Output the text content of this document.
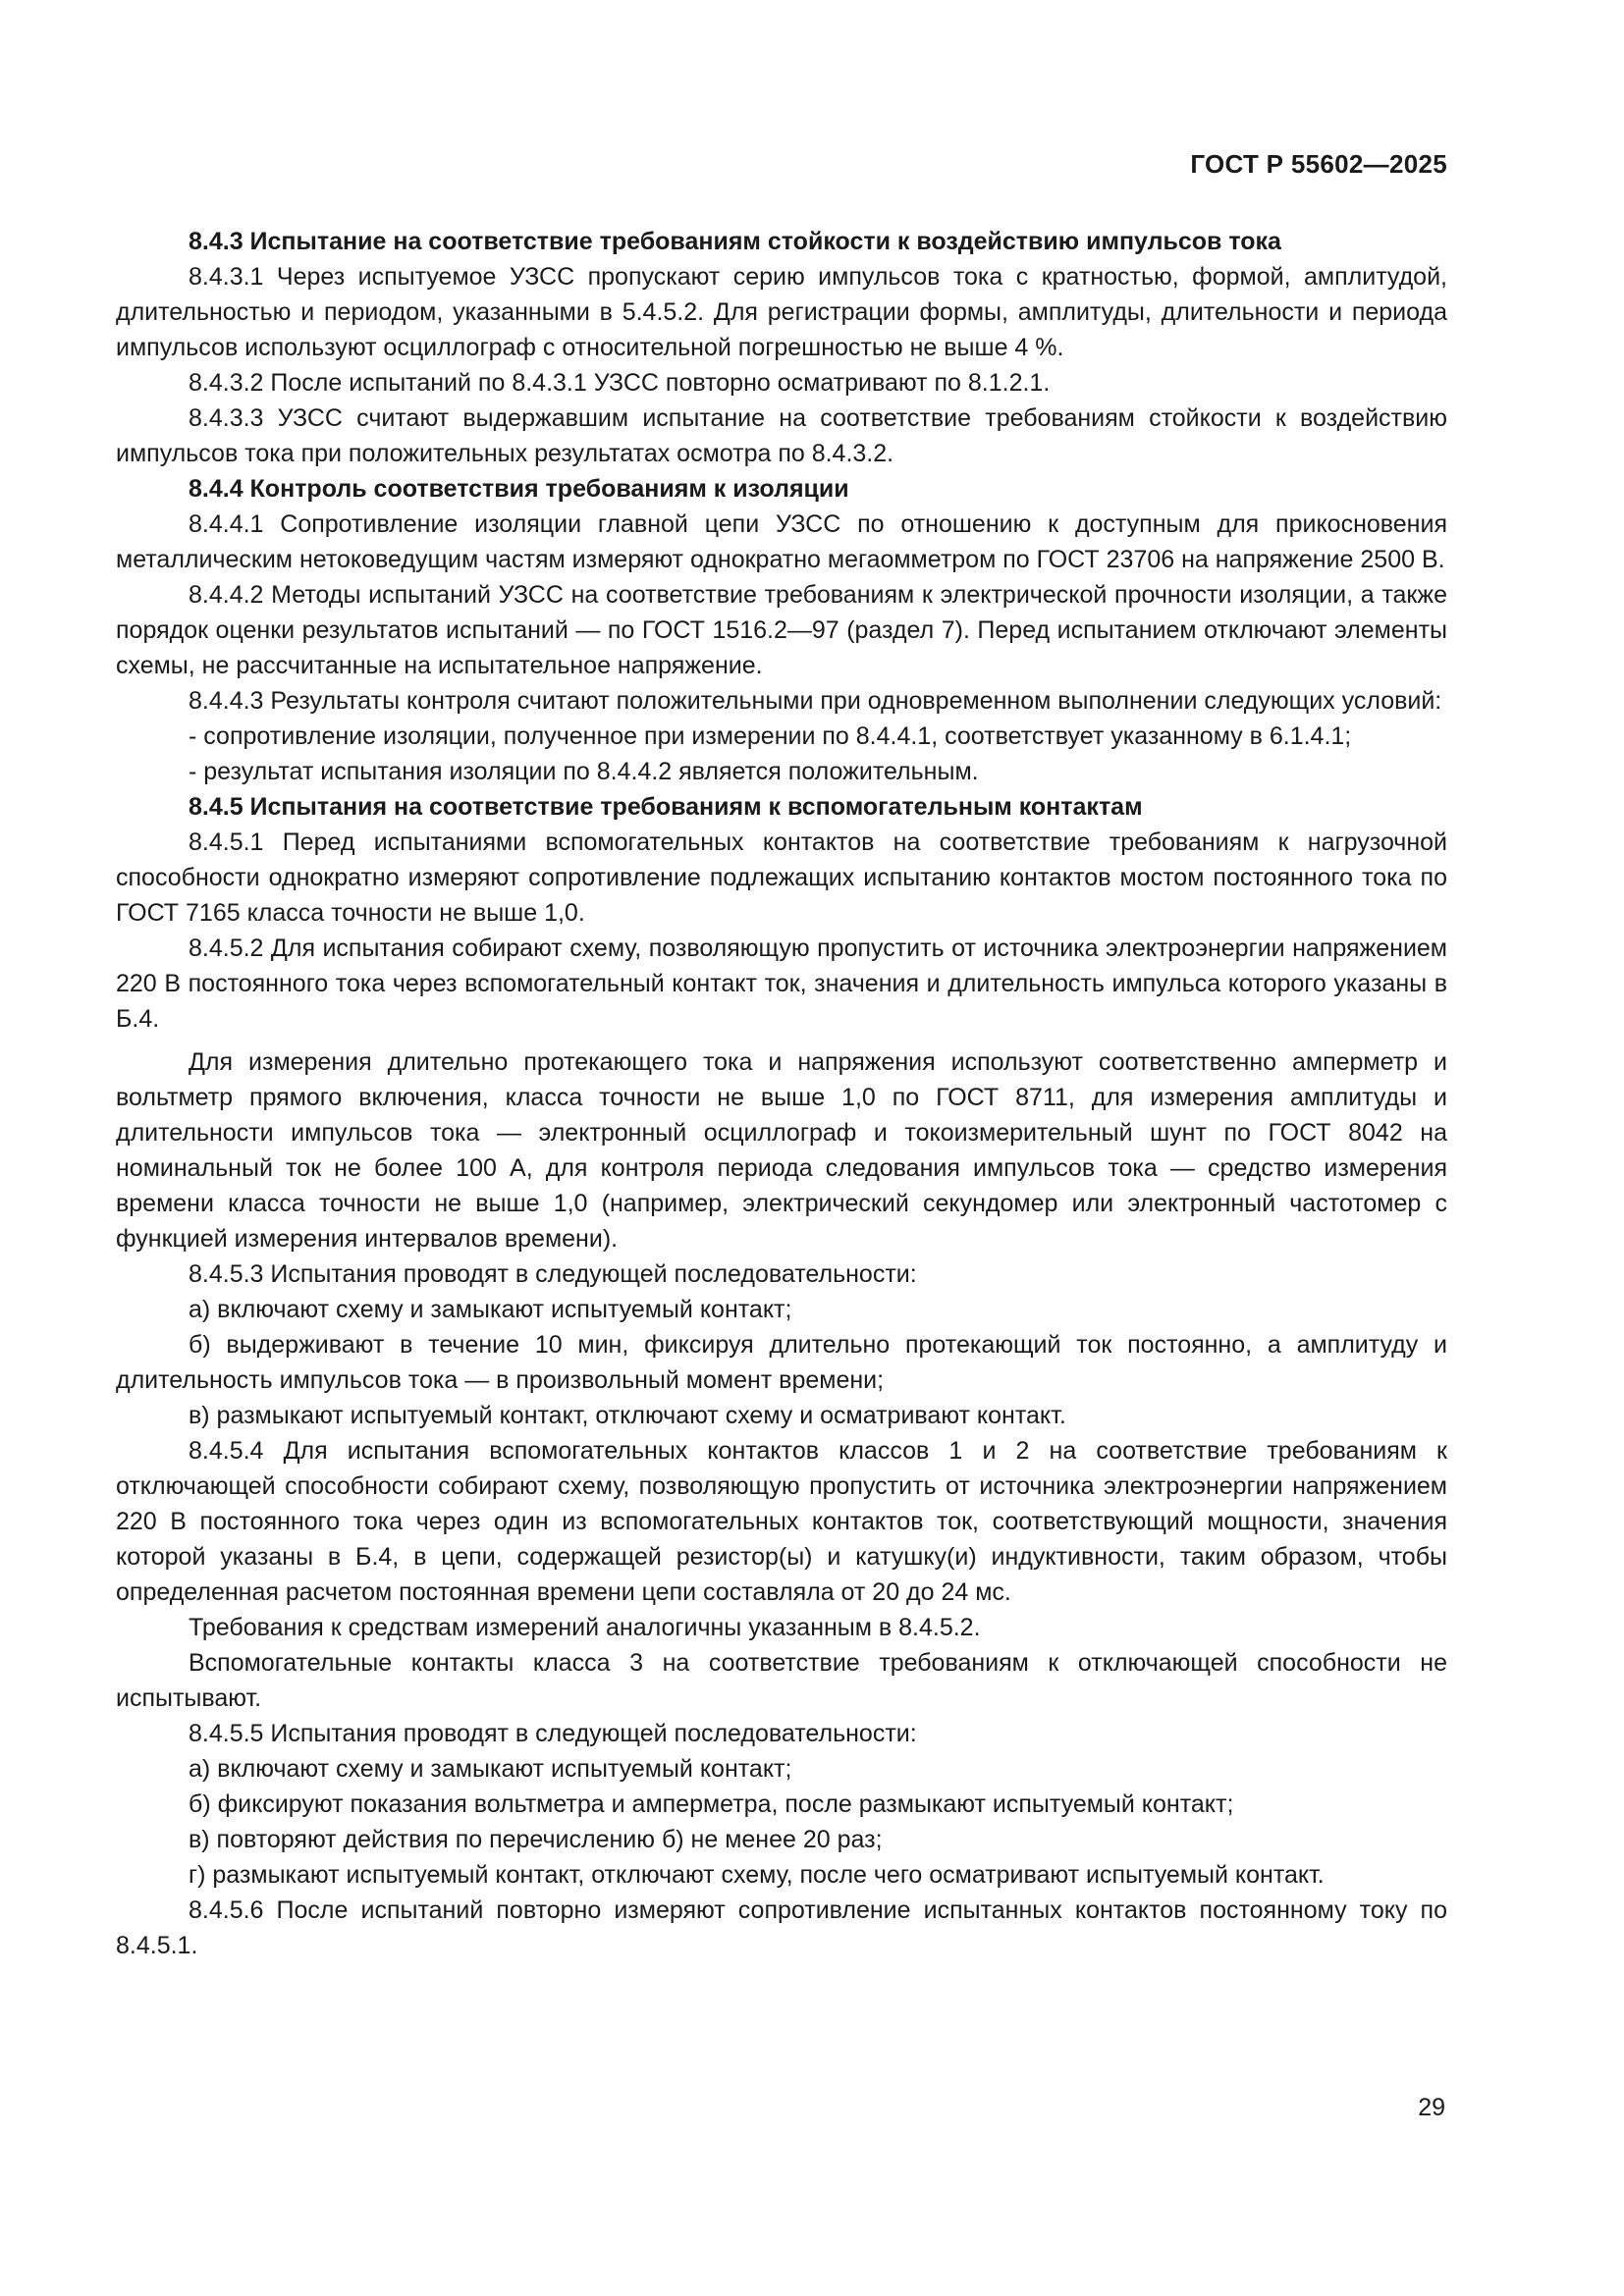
ГОСТ Р 55602—2025

8.4.3 Испытание на соответствие требованиям стойкости к воздействию импульсов тока

8.4.3.1 Через испытуемое УЗСС пропускают серию импульсов тока с кратностью, формой, амплитудой, длительностью и периодом, указанными в 5.4.5.2. Для регистрации формы, амплитуды, длительности и периода импульсов используют осциллограф с относительной погрешностью не выше 4 %.

8.4.3.2 После испытаний по 8.4.3.1 УЗСС повторно осматривают по 8.1.2.1.

8.4.3.3 УЗСС считают выдержавшим испытание на соответствие требованиям стойкости к воздействию импульсов тока при положительных результатах осмотра по 8.4.3.2.

8.4.4 Контроль соответствия требованиям к изоляции

8.4.4.1 Сопротивление изоляции главной цепи УЗСС по отношению к доступным для прикосновения металлическим нетоковедущим частям измеряют однократно мегаомметром по ГОСТ 23706 на напряжение 2500 В.

8.4.4.2 Методы испытаний УЗСС на соответствие требованиям к электрической прочности изоляции, а также порядок оценки результатов испытаний — по ГОСТ 1516.2—97 (раздел 7). Перед испытанием отключают элементы схемы, не рассчитанные на испытательное напряжение.

8.4.4.3 Результаты контроля считают положительными при одновременном выполнении следующих условий:

- сопротивление изоляции, полученное при измерении по 8.4.4.1, соответствует указанному в 6.1.4.1;

- результат испытания изоляции по 8.4.4.2 является положительным.

8.4.5 Испытания на соответствие требованиям к вспомогательным контактам

8.4.5.1 Перед испытаниями вспомогательных контактов на соответствие требованиям к нагрузочной способности однократно измеряют сопротивление подлежащих испытанию контактов мостом постоянного тока по ГОСТ 7165 класса точности не выше 1,0.

8.4.5.2 Для испытания собирают схему, позволяющую пропустить от источника электроэнергии напряжением 220 В постоянного тока через вспомогательный контакт ток, значения и длительность импульса которого указаны в Б.4.

Для измерения длительно протекающего тока и напряжения используют соответственно амперметр и вольтметр прямого включения, класса точности не выше 1,0 по ГОСТ 8711, для измерения амплитуды и длительности импульсов тока — электронный осциллограф и токоизмерительный шунт по ГОСТ 8042 на номинальный ток не более 100 А, для контроля периода следования импульсов тока — средство измерения времени класса точности не выше 1,0 (например, электрический секундомер или электронный частотомер с функцией измерения интервалов времени).

8.4.5.3 Испытания проводят в следующей последовательности:

а) включают схему и замыкают испытуемый контакт;

б) выдерживают в течение 10 мин, фиксируя длительно протекающий ток постоянно, а амплитуду и длительность импульсов тока — в произвольный момент времени;

в) размыкают испытуемый контакт, отключают схему и осматривают контакт.

8.4.5.4 Для испытания вспомогательных контактов классов 1 и 2 на соответствие требованиям к отключающей способности собирают схему, позволяющую пропустить от источника электроэнергии напряжением 220 В постоянного тока через один из вспомогательных контактов ток, соответствующий мощности, значения которой указаны в Б.4, в цепи, содержащей резистор(ы) и катушку(и) индуктивности, таким образом, чтобы определенная расчетом постоянная времени цепи составляла от 20 до 24 мс.

Требования к средствам измерений аналогичны указанным в 8.4.5.2.

Вспомогательные контакты класса 3 на соответствие требованиям к отключающей способности не испытывают.

8.4.5.5 Испытания проводят в следующей последовательности:

а) включают схему и замыкают испытуемый контакт;

б) фиксируют показания вольтметра и амперметра, после размыкают испытуемый контакт;

в) повторяют действия по перечислению б) не менее 20 раз;

г) размыкают испытуемый контакт, отключают схему, после чего осматривают испытуемый контакт.

8.4.5.6 После испытаний повторно измеряют сопротивление испытанных контактов постоянному току по 8.4.5.1.

29
